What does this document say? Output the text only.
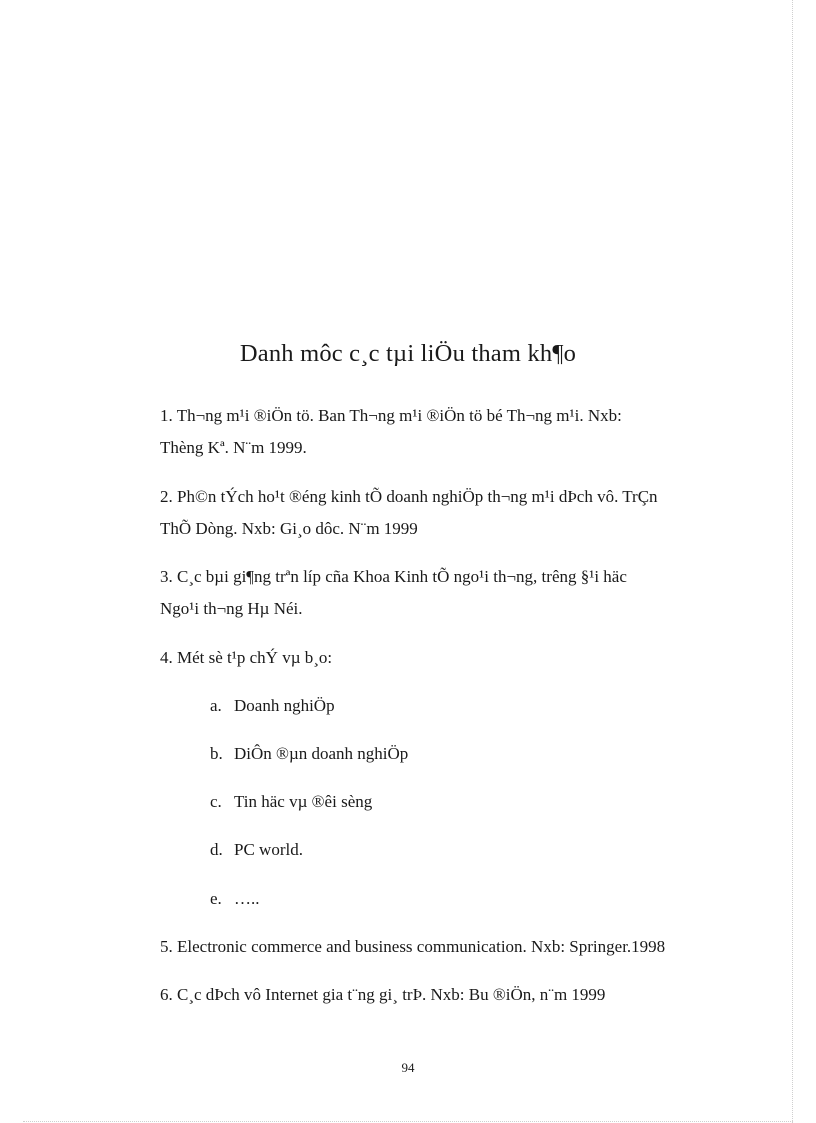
Danh môc c¸c tµi liÖu tham kh¶o
1. Th¬ng m¹i ®iÖn tö. Ban Th¬ng m¹i ®iÖn tö bé Th¬ng m¹i. Nxb:
Thèng Kª. N¨m 1999.
2. Ph©n tÝch ho¹t ®éng kinh tÕ doanh nghiÖp th¬ng m¹i dÞch vô. TrÇn
ThÕ Dòng. Nxb: Gi¸o dôc. N¨m 1999
3. C¸c bµi gi¶ng trªn líp cña Khoa Kinh tÕ ngo¹i th¬ng, trêng §¹i häc
Ngo¹i th¬ng Hµ Néi.
4. Mét sè t¹p chÝ vµ b¸o:
a. Doanh nghiÖp
b. DiÔn ®µn doanh nghiÖp
c. Tin häc vµ ®êi sèng
d. PC world.
e. …..
5. Electronic commerce and business communication. Nxb: Springer.1998
6. C¸c dÞch vô Internet gia t¨ng gi¸ trÞ. Nxb: Bu ®iÖn, n¨m 1999
94
